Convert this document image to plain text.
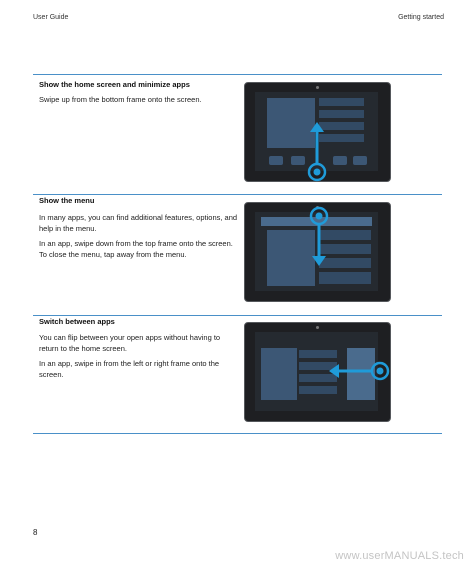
User Guide	Getting started
Show the home screen and minimize apps
Swipe up from the bottom frame onto the screen.
Show the menu
In many apps, you can find additional features, options, and help in the menu.
In an app, swipe down from the top frame onto the screen. To close the menu, tap away from the menu.
Switch between apps
You can flip between your open apps without having to return to the home screen.
In an app, swipe in from the left or right frame onto the screen.
8
www.userMANUALS.tech
